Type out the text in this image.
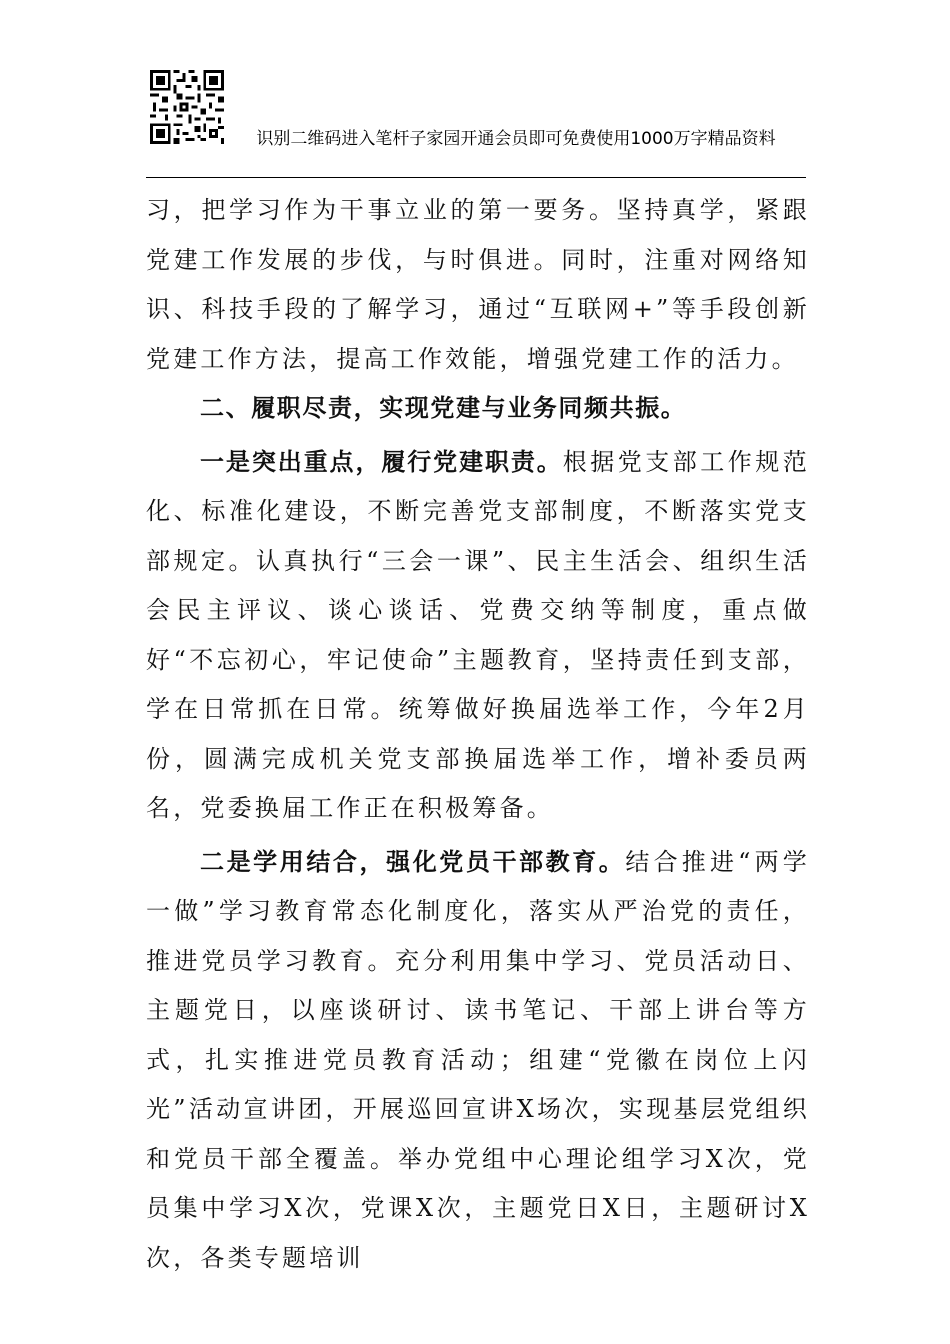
识别二维码进入笔杆子家园开通会员即可免费使用1000万字精品资料

习，把学习作为干事立业的第一要务。坚持真学，紧跟党建工作发展的步伐，与时俱进。同时，注重对网络知识、科技手段的了解学习，通过“互联网+”等手段创新党建工作方法，提高工作效能，增强党建工作的活力。

二、履职尽责，实现党建与业务同频共振。

一是突出重点，履行党建职责。根据党支部工作规范化、标准化建设，不断完善党支部制度，不断落实党支部规定。认真执行“三会一课”、民主生活会、组织生活会民主评议、谈心谈话、党费交纳等制度，重点做好“不忘初心，牢记使命”主题教育，坚持责任到支部，学在日常抓在日常。统筹做好换届选举工作，今年2月份，圆满完成机关党支部换届选举工作，增补委员两名，党委换届工作正在积极筹备。

二是学用结合，强化党员干部教育。结合推进“两学一做”学习教育常态化制度化，落实从严治党的责任，推进党员学习教育。充分利用集中学习、党员活动日、主题党日，以座谈研讨、读书笔记、干部上讲台等方式，扎实推进党员教育活动；组建“党徽在岗位上闪光”活动宣讲团，开展巡回宣讲X场次，实现基层党组织和党员干部全覆盖。举办党组中心理论组学习X次，党员集中学习X次，党课X次，主题党日X日，主题研讨X次，各类专题培训
